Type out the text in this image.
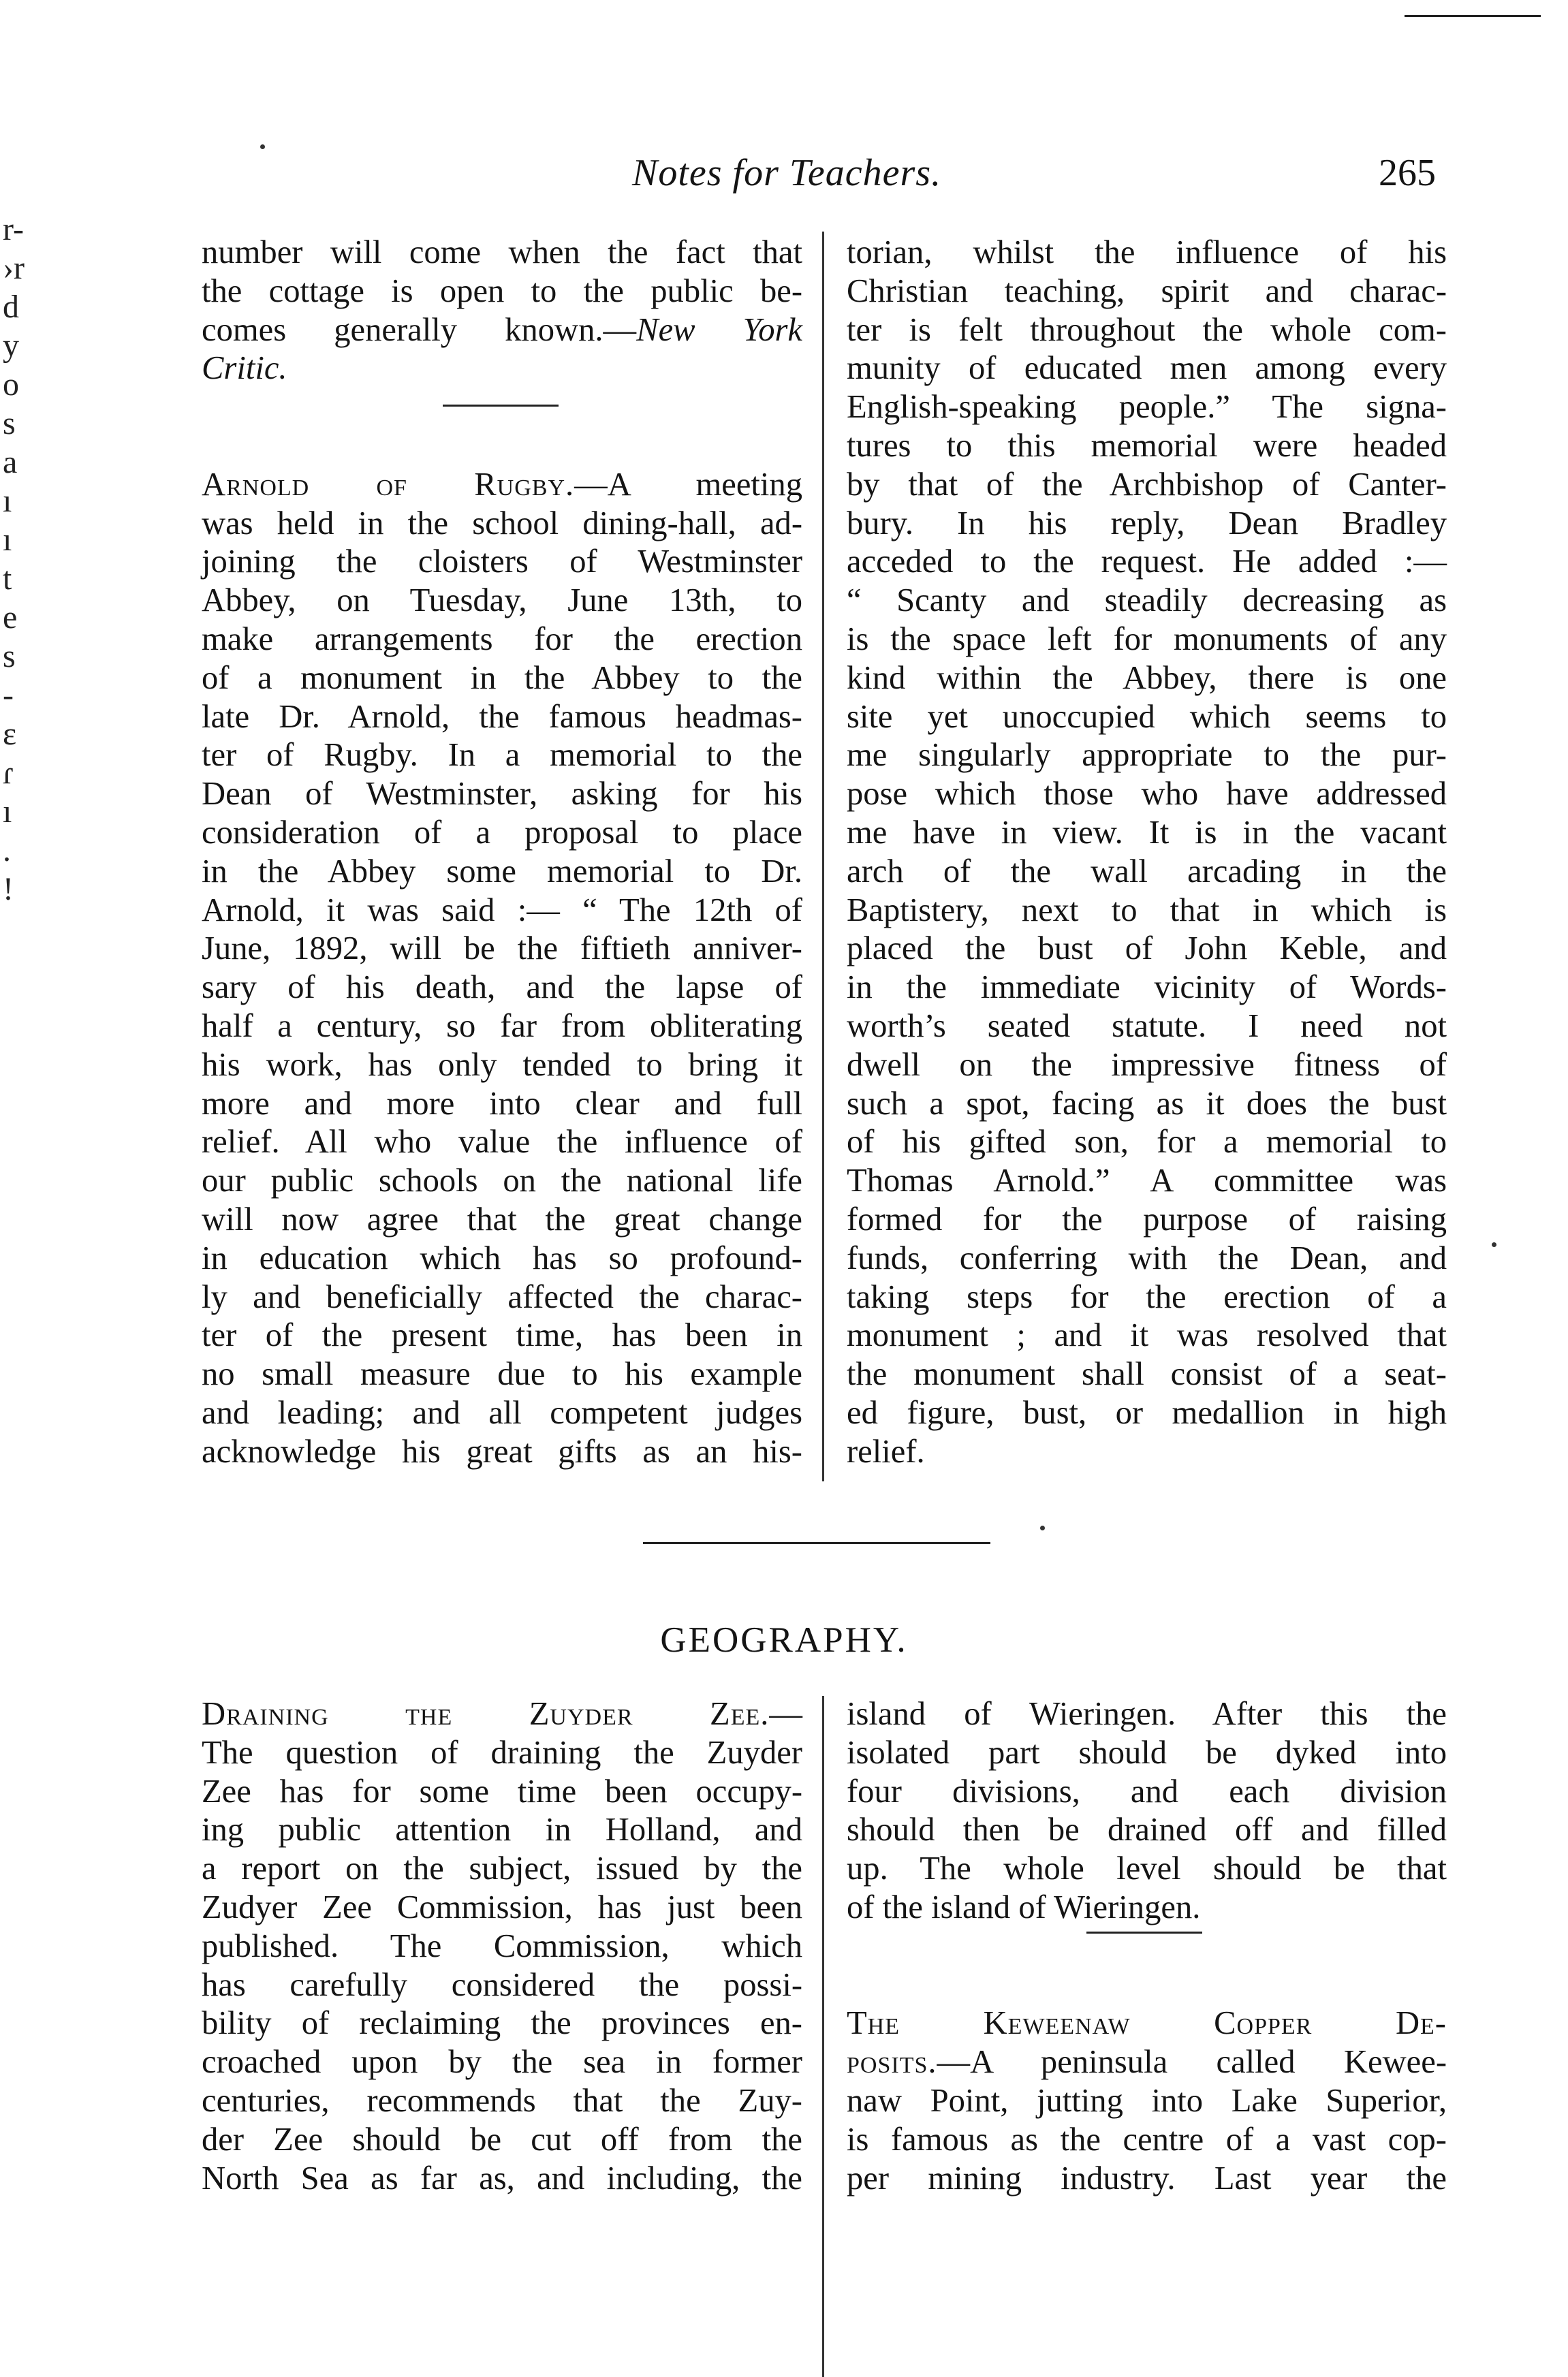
Notes for Teachers.	265
r-
›r
d
y
o
s
a
ı
ı
t
e
s
-
ɛ
ɾ
ı
.
!
number will come when the fact that
the cottage is open to the public be-
comes generally known.—New York
Critic.
Arnold of Rugby.—A meeting
was held in the school dining-hall, ad-
joining the cloisters of Westminster
Abbey, on Tuesday, June 13th, to
make arrangements for the erection
of a monument in the Abbey to the
late Dr. Arnold, the famous headmas-
ter of Rugby. In a memorial to the
Dean of Westminster, asking for his
consideration of a proposal to place
in the Abbey some memorial to Dr.
Arnold, it was said :— “ The 12th of
June, 1892, will be the fiftieth anniver-
sary of his death, and the lapse of
half a century, so far from obliterating
his work, has only tended to bring it
more and more into clear and full
relief. All who value the influence of
our public schools on the national life
will now agree that the great change
in education which has so profound-
ly and beneficially affected the charac-
ter of the present time, has been in
no small measure due to his example
and leading; and all competent judges
acknowledge his great gifts as an his-
torian, whilst the influence of his
Christian teaching, spirit and charac-
ter is felt throughout the whole com-
munity of educated men among every
English-speaking people.” The signa-
tures to this memorial were headed
by that of the Archbishop of Canter-
bury. In his reply, Dean Bradley
acceded to the request. He added :—
“ Scanty and steadily decreasing as
is the space left for monuments of any
kind within the Abbey, there is one
site yet unoccupied which seems to
me singularly appropriate to the pur-
pose which those who have addressed
me have in view. It is in the vacant
arch of the wall arcading in the
Baptistery, next to that in which is
placed the bust of John Keble, and
in the immediate vicinity of Words-
worth’s seated statute. I need not
dwell on the impressive fitness of
such a spot, facing as it does the bust
of his gifted son, for a memorial to
Thomas Arnold.” A committee was
formed for the purpose of raising
funds, conferring with the Dean, and
taking steps for the erection of a
monument ; and it was resolved that
the monument shall consist of a seat-
ed figure, bust, or medallion in high
relief.
GEOGRAPHY.
Draining the Zuyder Zee.—
The question of draining the Zuyder
Zee has for some time been occupy-
ing public attention in Holland, and
a report on the subject, issued by the
Zudyer Zee Commission, has just been
published. The Commission, which
has carefully considered the possi-
bility of reclaiming the provinces en-
croached upon by the sea in former
centuries, recommends that the Zuy-
der Zee should be cut off from the
North Sea as far as, and including, the
island of Wieringen. After this the
isolated part should be dyked into
four divisions, and each division
should then be drained off and filled
up. The whole level should be that
of the island of Wieringen.
The Keweenaw Copper De-
posits.—A peninsula called Kewee-
naw Point, jutting into Lake Superior,
is famous as the centre of a vast cop-
per mining industry. Last year the
